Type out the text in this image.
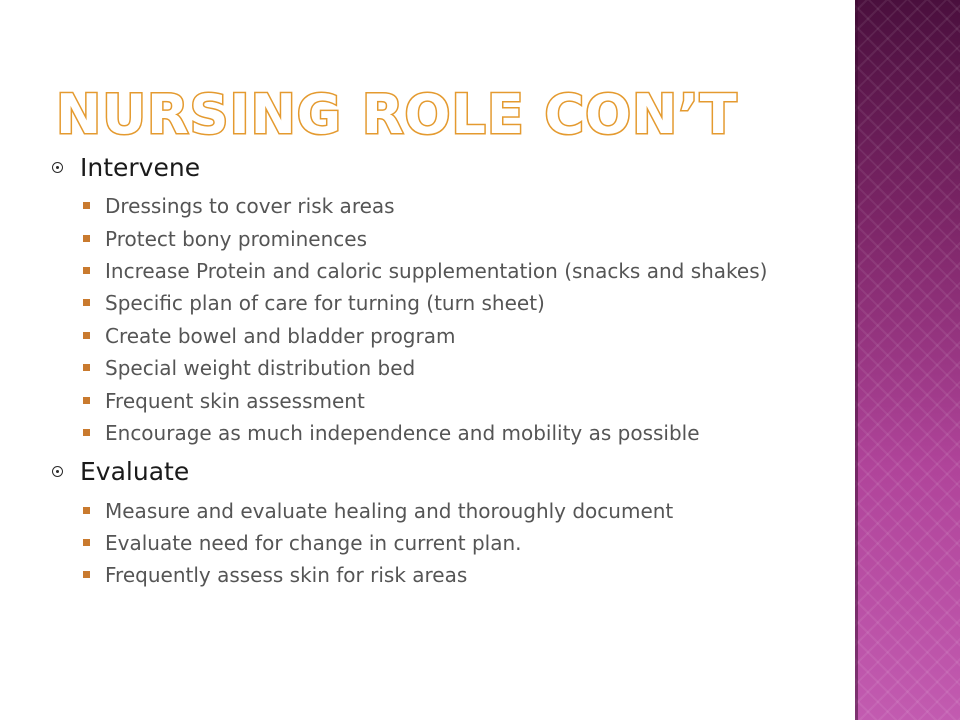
NURSING ROLE CON’T
Intervene
Dressings to cover risk areas
Protect bony prominences
Increase Protein and caloric supplementation (snacks and shakes)
Specific plan of care for turning (turn sheet)
Create bowel and bladder program
Special weight distribution bed
Frequent skin assessment
Encourage as much independence and mobility as possible
Evaluate
Measure and evaluate healing and thoroughly document
Evaluate need for change in current plan.
Frequently assess skin for risk areas
